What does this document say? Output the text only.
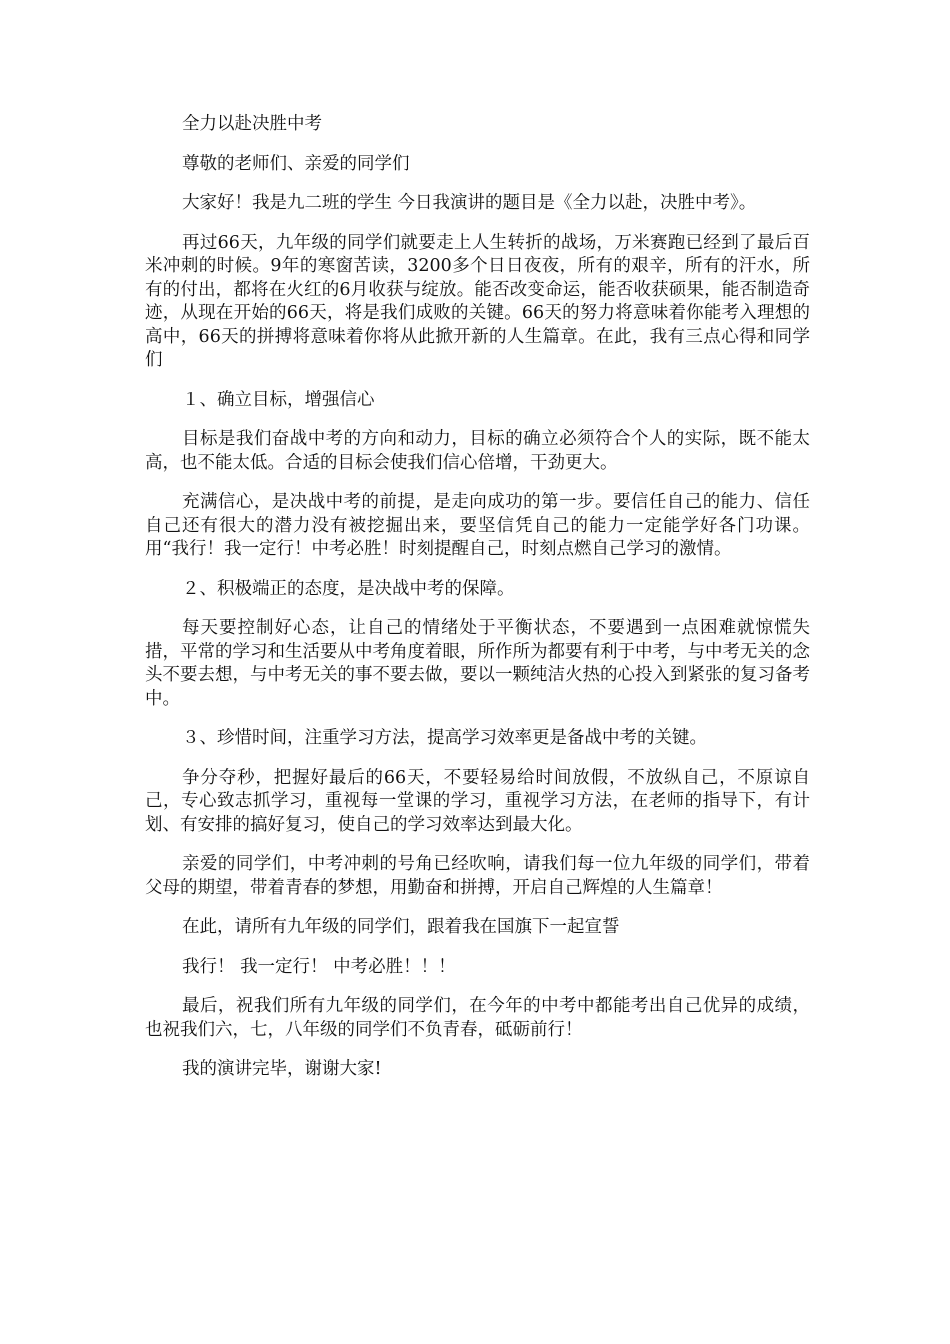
全力以赴决胜中考

尊敬的老师们、亲爱的同学们

大家好！我是九二班的学生 今日我演讲的题目是《全力以赴，决胜中考》。

再过66天，九年级的同学们就要走上人生转折的战场，万米赛跑已经到了最后百米冲刺的时候。9年的寒窗苦读，3200多个日日夜夜，所有的艰辛，所有的汗水，所有的付出，都将在火红的6月收获与绽放。能否改变命运，能否收获硕果，能否制造奇迹，从现在开始的66天，将是我们成败的关键。66天的努力将意味着你能考入理想的高中，66天的拼搏将意味着你将从此掀开新的人生篇章。在此，我有三点心得和同学们

１、确立目标，增强信心

目标是我们奋战中考的方向和动力，目标的确立必须符合个人的实际，既不能太高，也不能太低。合适的目标会使我们信心倍增，干劲更大。

充满信心，是决战中考的前提，是走向成功的第一步。要信任自己的能力、信任自己还有很大的潜力没有被挖掘出来，要坚信凭自己的能力一定能学好各门功课。用“我行！我一定行！中考必胜！时刻提醒自己，时刻点燃自己学习的激情。

２、积极端正的态度，是决战中考的保障。

每天要控制好心态，让自己的情绪处于平衡状态，不要遇到一点困难就惊慌失措，平常的学习和生活要从中考角度着眼，所作所为都要有利于中考，与中考无关的念头不要去想，与中考无关的事不要去做，要以一颗纯洁火热的心投入到紧张的复习备考中。

３、珍惜时间，注重学习方法，提高学习效率更是备战中考的关键。

争分夺秒，把握好最后的66天，不要轻易给时间放假，不放纵自己，不原谅自己，专心致志抓学习，重视每一堂课的学习，重视学习方法，在老师的指导下，有计划、有安排的搞好复习，使自己的学习效率达到最大化。

亲爱的同学们，中考冲刺的号角已经吹响，请我们每一位九年级的同学们，带着父母的期望，带着青春的梦想，用勤奋和拼搏，开启自己辉煌的人生篇章！

在此，请所有九年级的同学们，跟着我在国旗下一起宣誓

我行！ 我一定行！ 中考必胜！！！

最后，祝我们所有九年级的同学们，在今年的中考中都能考出自己优异的成绩，也祝我们六，七，八年级的同学们不负青春，砥砺前行！

我的演讲完毕，谢谢大家!
